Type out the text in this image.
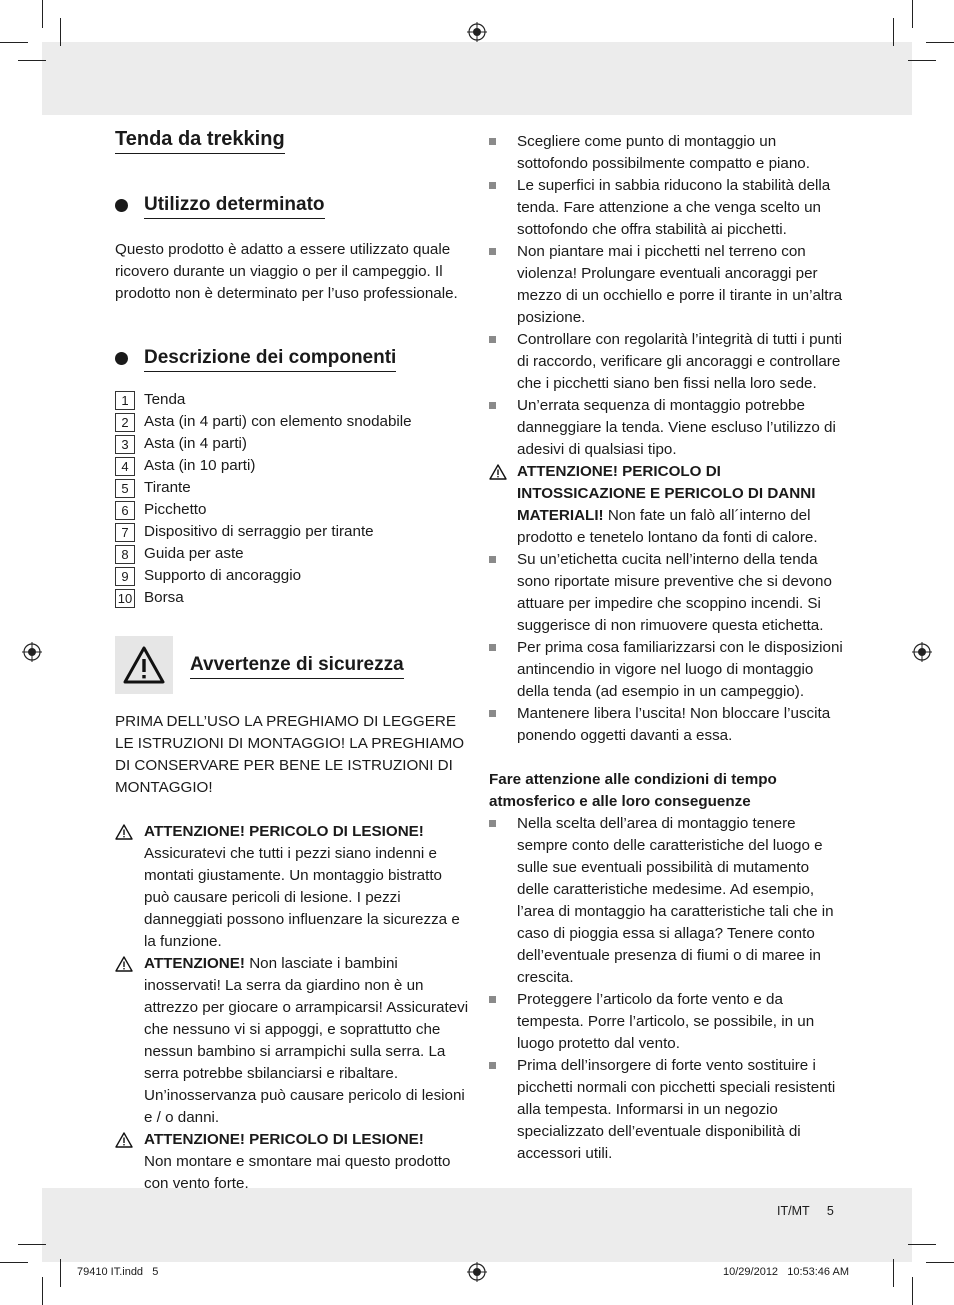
Tenda da trekking
Utilizzo determinato

Questo prodotto è adatto a essere utilizzato quale ricovero durante un viaggio o per il campeggio. Il prodotto non è determinato per l’uso professionale.

Descrizione dei componenti
1	Tenda
2	Asta (in 4 parti) con elemento snodabile
3	Asta (in 4 parti)
4	Asta (in 10 parti)
5	Tirante
6	Picchetto
7	Dispositivo di serraggio per tirante
8	Guida per aste
9	Supporto di ancoraggio
10 Borsa
Avvertenze di sicurezza

PRIMA DELL’USO LA PREGHIAMO DI LEGGERE LE ISTRUZIONI DI MONTAGGIO! LA PREGHIAMO DI CONSERVARE PER BENE LE ISTRUZIONI DI MONTAGGIO!

ATTENZIONE! PERICOLO DI LESIONE!
Assicuratevi che tutti i pezzi siano indenni e montati giustamente. Un montaggio bistratto può causare pericoli di lesione. I pezzi danneggiati possono influenzare la sicurezza e la funzione.
ATTENZIONE! Non lasciate i bambini inosservati! La serra da giardino non è un attrezzo per giocare o arrampicarsi! Assicuratevi che nessuno vi si appoggi, e soprattutto che nessun bambino si arrampichi sulla serra. La serra potrebbe sbilanciarsi e ribaltare. Un’inosservanza può causare pericolo di lesioni e / o danni.
ATTENZIONE! PERICOLO DI LESIONE!
Non montare e smontare mai questo prodotto con vento forte.
Scegliere come punto di montaggio un sottofondo possibilmente compatto e piano.
Le superfici in sabbia riducono la stabilità della tenda. Fare attenzione a che venga scelto un sottofondo che offra stabilità ai picchetti.
Non piantare mai i picchetti nel terreno con violenza! Prolungare eventuali ancoraggi per mezzo di un occhiello e porre il tirante in un’altra posizione.
Controllare con regolarità l’integrità di tutti i punti di raccordo, verificare gli ancoraggi e controllare che i picchetti siano ben fissi nella loro sede.
Un’errata sequenza di montaggio potrebbe danneggiare la tenda. Viene escluso l’utilizzo di adesivi di qualsiasi tipo.
ATTENZIONE! PERICOLO DI INTOSSICAZIONE E PERICOLO DI DANNI MATERIALI! Non fate un falò all´interno del prodotto e tenetelo lontano da fonti di calore.
Su un’etichetta cucita nell’interno della tenda sono riportate misure preventive che si devono attuare per impedire che scoppino incendi. Si suggerisce di non rimuovere questa etichetta.
Per prima cosa familiarizzarsi con le disposizioni antincendio in vigore nel luogo di montaggio della tenda (ad esempio in un campeggio).
Mantenere libera l’uscita! Non bloccare l’uscita ponendo oggetti davanti a essa.

Fare attenzione alle condizioni di tempo atmosferico e alle loro conseguenze

Nella scelta dell’area di montaggio tenere sempre conto delle caratteristiche del luogo e sulle sue eventuali possibilità di mutamento delle caratteristiche medesime. Ad esempio, l’area di montaggio ha caratteristiche tali che in caso di pioggia essa si allaga? Tenere conto dell’eventuale presenza di fiumi o di maree in crescita.
Proteggere l’articolo da forte vento e da tempesta. Porre l’articolo, se possibile, in un luogo protetto dal vento.
Prima dell’insorgere di forte vento sostituire i picchetti normali con picchetti speciali resistenti alla tempesta. Informarsi in un negozio specializzato dell’eventuale disponibilità di accessori utili.
IT/MT 5
79410 IT.indd   5	10/29/2012   10:53:46 AM
